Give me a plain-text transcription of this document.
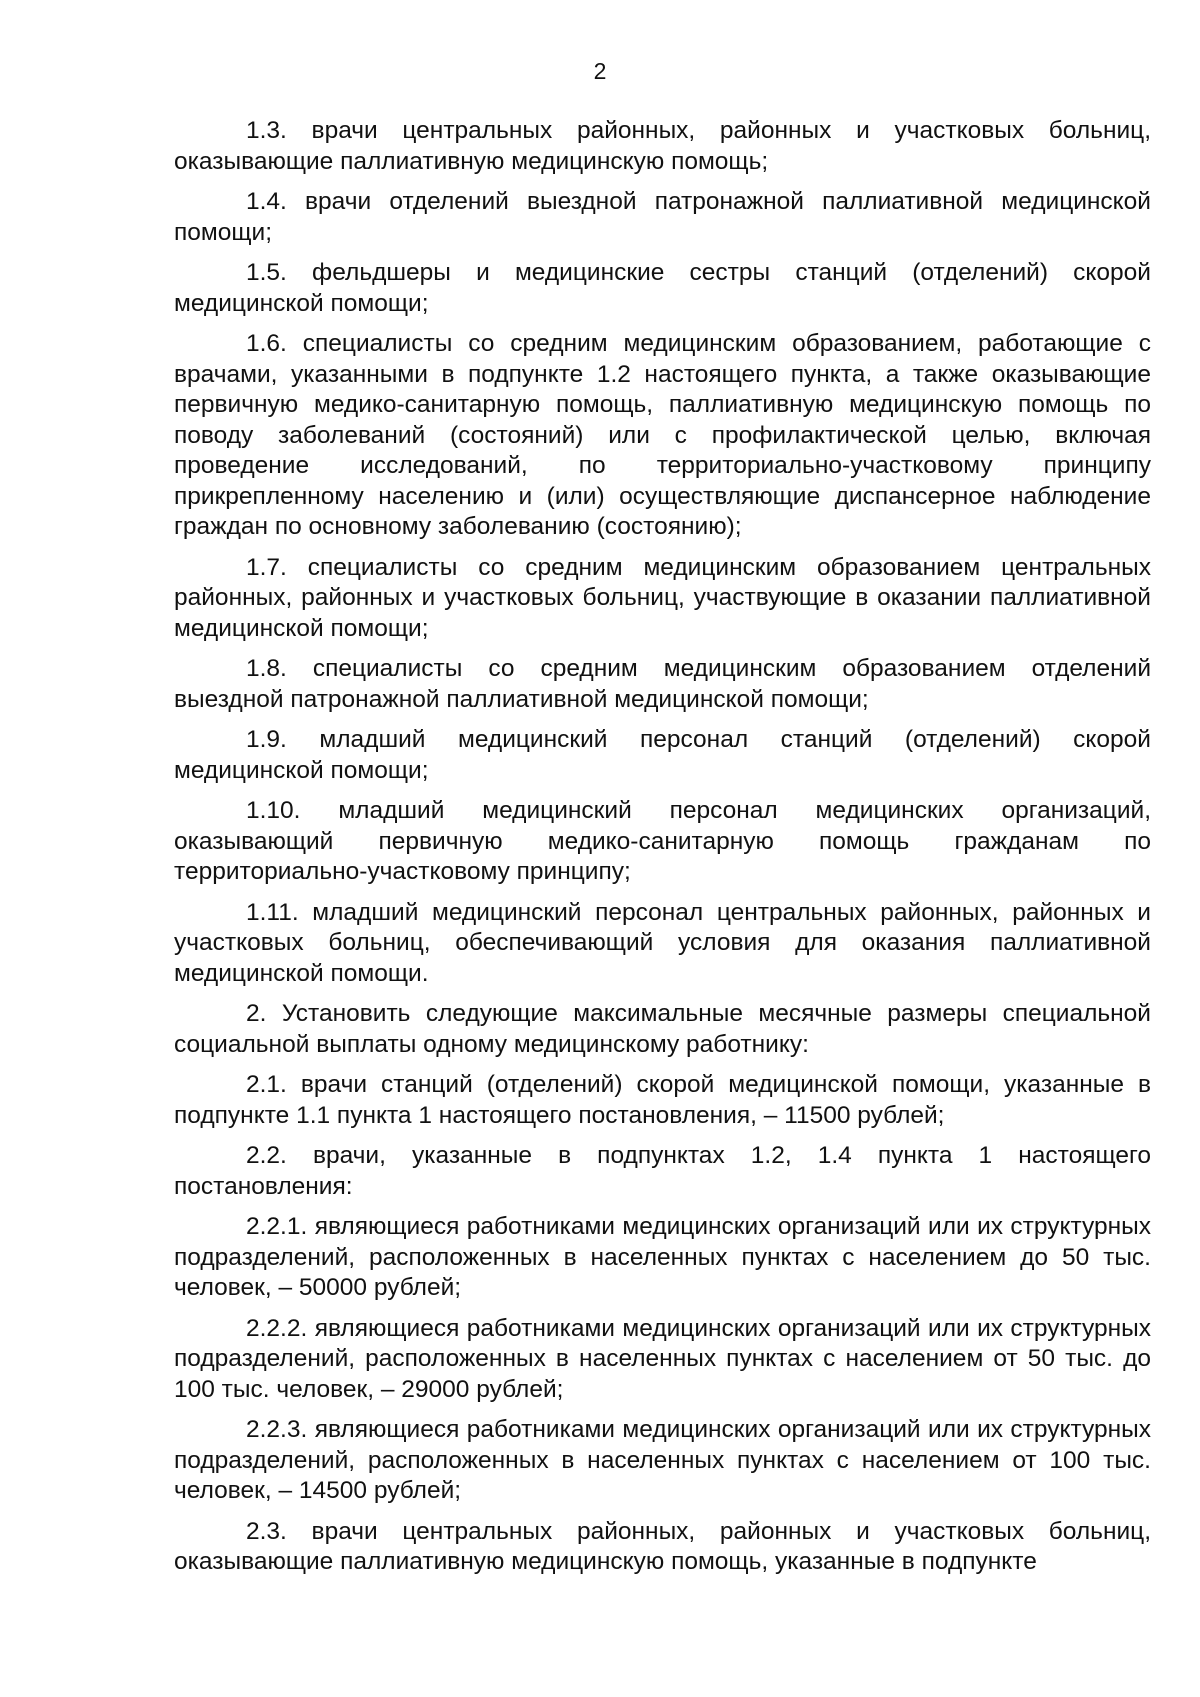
2

1.3. врачи центральных районных, районных и участковых больниц, оказывающие паллиативную медицинскую помощь;

1.4. врачи отделений выездной патронажной паллиативной медицинской помощи;

1.5. фельдшеры и медицинские сестры станций (отделений) скорой медицинской помощи;

1.6. специалисты со средним медицинским образованием, работающие с врачами, указанными в подпункте 1.2 настоящего пункта, а также оказывающие первичную медико-санитарную помощь, паллиативную медицинскую помощь по поводу заболеваний (состояний) или с профилактической целью, включая проведение исследований, по территориально-участковому принципу прикрепленному населению и (или) осуществляющие диспансерное наблюдение граждан по основному заболеванию (состоянию);

1.7. специалисты со средним медицинским образованием центральных районных, районных и участковых больниц, участвующие в оказании паллиативной медицинской помощи;

1.8. специалисты со средним медицинским образованием отделений выездной патронажной паллиативной медицинской помощи;

1.9. младший медицинский персонал станций (отделений) скорой медицинской помощи;

1.10. младший медицинский персонал медицинских организаций, оказывающий первичную медико-санитарную помощь гражданам по территориально-участковому принципу;

1.11. младший медицинский персонал центральных районных, районных и участковых больниц, обеспечивающий условия для оказания паллиативной медицинской помощи.

2. Установить следующие максимальные месячные размеры специальной социальной выплаты одному медицинскому работнику:

2.1. врачи станций (отделений) скорой медицинской помощи, указанные в подпункте 1.1 пункта 1 настоящего постановления, – 11500 рублей;

2.2. врачи, указанные в подпунктах 1.2, 1.4 пункта 1 настоящего постановления:

2.2.1. являющиеся работниками медицинских организаций или их структурных подразделений, расположенных в населенных пунктах с населением до 50 тыс. человек, – 50000 рублей;

2.2.2. являющиеся работниками медицинских организаций или их структурных подразделений, расположенных в населенных пунктах с населением от 50 тыс. до 100 тыс. человек, – 29000 рублей;

2.2.3. являющиеся работниками медицинских организаций или их структурных подразделений, расположенных в населенных пунктах с населением от 100 тыс. человек, – 14500 рублей;

2.3. врачи центральных районных, районных и участковых больниц, оказывающие паллиативную медицинскую помощь, указанные в подпункте
